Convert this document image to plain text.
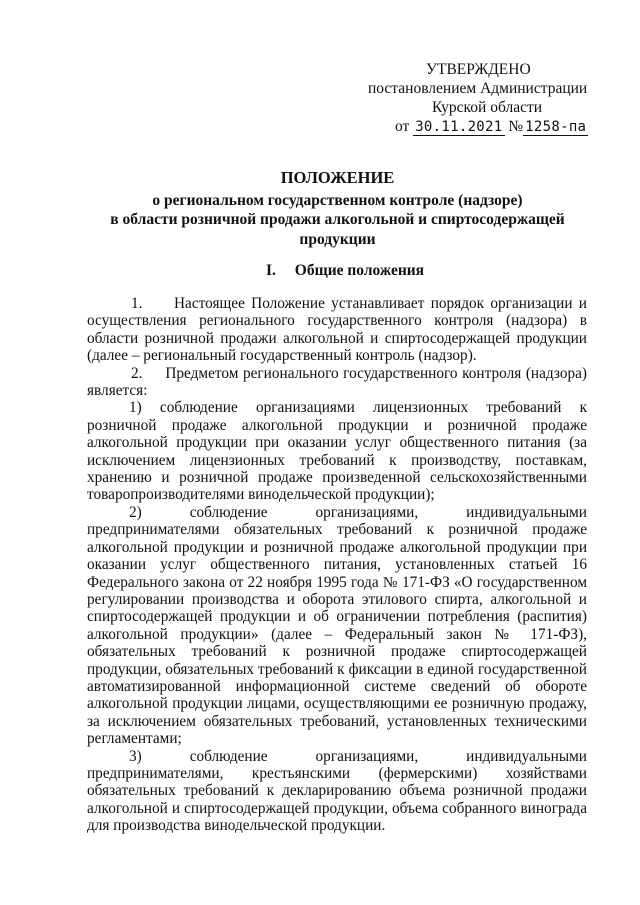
УТВЕРЖДЕНО
постановлением Администрации
Курской области
от 30.11.2021 № 1258-па
ПОЛОЖЕНИЕ
о региональном государственном контроле (надзоре)
в области розничной продажи алкогольной и спиртосодержащей
продукции
I. Общие положения

1.     Настоящее Положение устанавливает порядок организации и осуществления регионального государственного контроля (надзора) в области розничной продажи алкогольной и спиртосодержащей продукции (далее – региональный государственный контроль (надзор).

2.     Предметом регионального государственного контроля (надзора) является:

1) соблюдение организациями лицензионных требований к розничной продаже алкогольной продукции и розничной продаже алкогольной продукции при оказании услуг общественного питания (за исключением лицензионных требований к производству, поставкам, хранению и розничной продаже произведенной сельскохозяйственными товаропроизводителями винодельческой продукции);

2) соблюдение организациями, индивидуальными предпринимателями обязательных требований к розничной продаже алкогольной продукции и розничной продаже алкогольной продукции при оказании услуг общественного питания, установленных статьей 16 Федерального закона от 22 ноября 1995 года № 171-ФЗ «О государственном регулировании производства и оборота этилового спирта, алкогольной и спиртосодержащей продукции и об ограничении потребления (распития) алкогольной продукции» (далее – Федеральный закон № 171-ФЗ), обязательных требований к розничной продаже спиртосодержащей продукции, обязательных требований к фиксации в единой государственной автоматизированной информационной системе сведений об обороте алкогольной продукции лицами, осуществляющими ее розничную продажу, за исключением обязательных требований, установленных техническими регламентами;

3) соблюдение организациями, индивидуальными предпринимателями, крестьянскими (фермерскими) хозяйствами обязательных требований к декларированию объема розничной продажи алкогольной и спиртосодержащей продукции, объема собранного винограда для производства винодельческой продукции.
